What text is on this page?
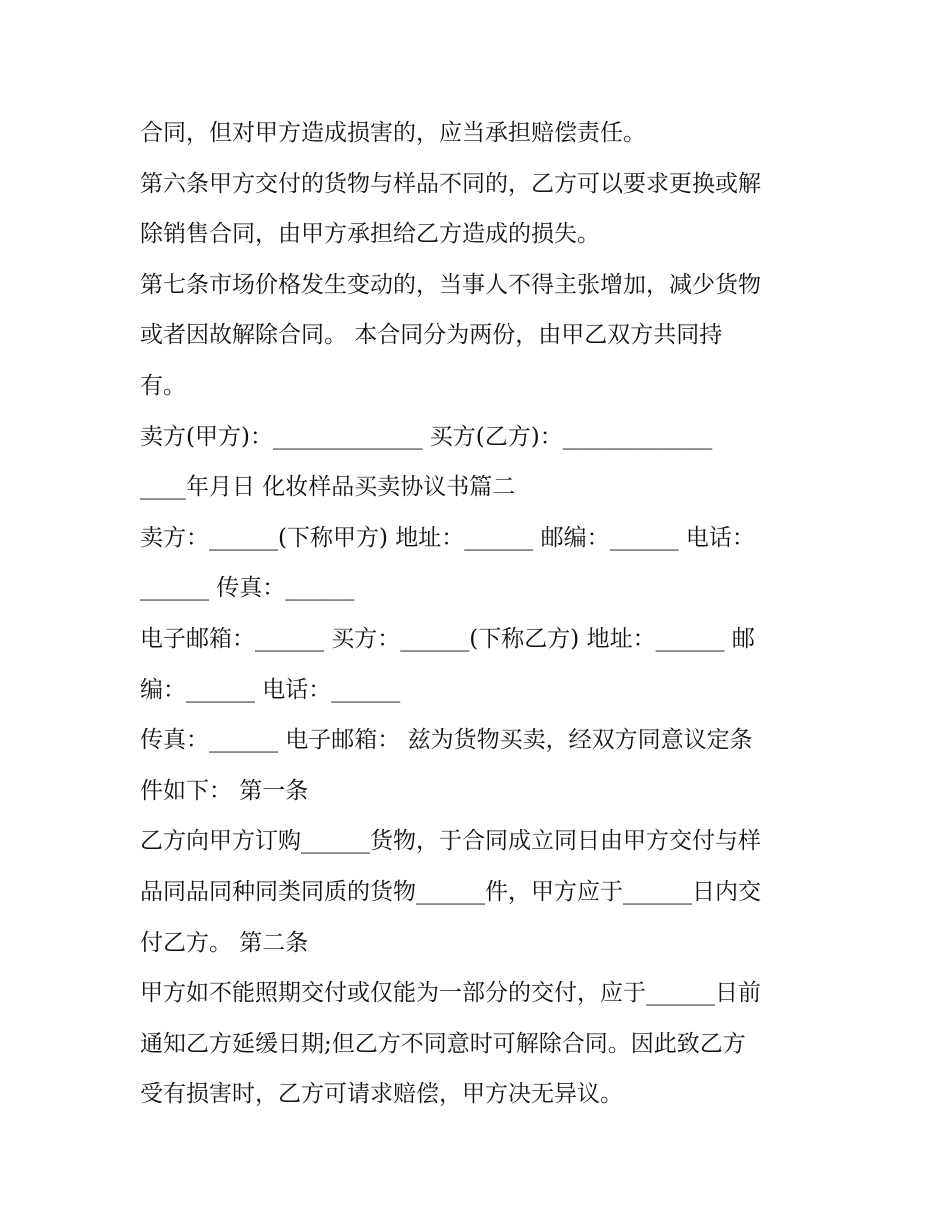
合同，但对甲方造成损害的，应当承担赔偿责任。
第六条甲方交付的货物与样品不同的，乙方可以要求更换或解
除销售合同，由甲方承担给乙方造成的损失。
第七条市场价格发生变动的，当事人不得主张增加，减少货物
或者因故解除合同。 本合同分为两份，由甲乙双方共同持
有。
卖方(甲方)：_____________ 买方(乙方)：_____________
____年月日 化妆样品买卖协议书篇二
卖方：______(下称甲方) 地址：______ 邮编：______ 电话：
______ 传真：______
电子邮箱：______ 买方：______(下称乙方) 地址：______ 邮
编：______ 电话：______
传真：______ 电子邮箱： 兹为货物买卖，经双方同意议定条
件如下： 第一条
乙方向甲方订购______货物，于合同成立同日由甲方交付与样
品同品同种同类同质的货物______件，甲方应于______日内交
付乙方。 第二条
甲方如不能照期交付或仅能为一部分的交付，应于______日前
通知乙方延缓日期;但乙方不同意时可解除合同。因此致乙方
受有损害时，乙方可请求赔偿，甲方决无异议。
